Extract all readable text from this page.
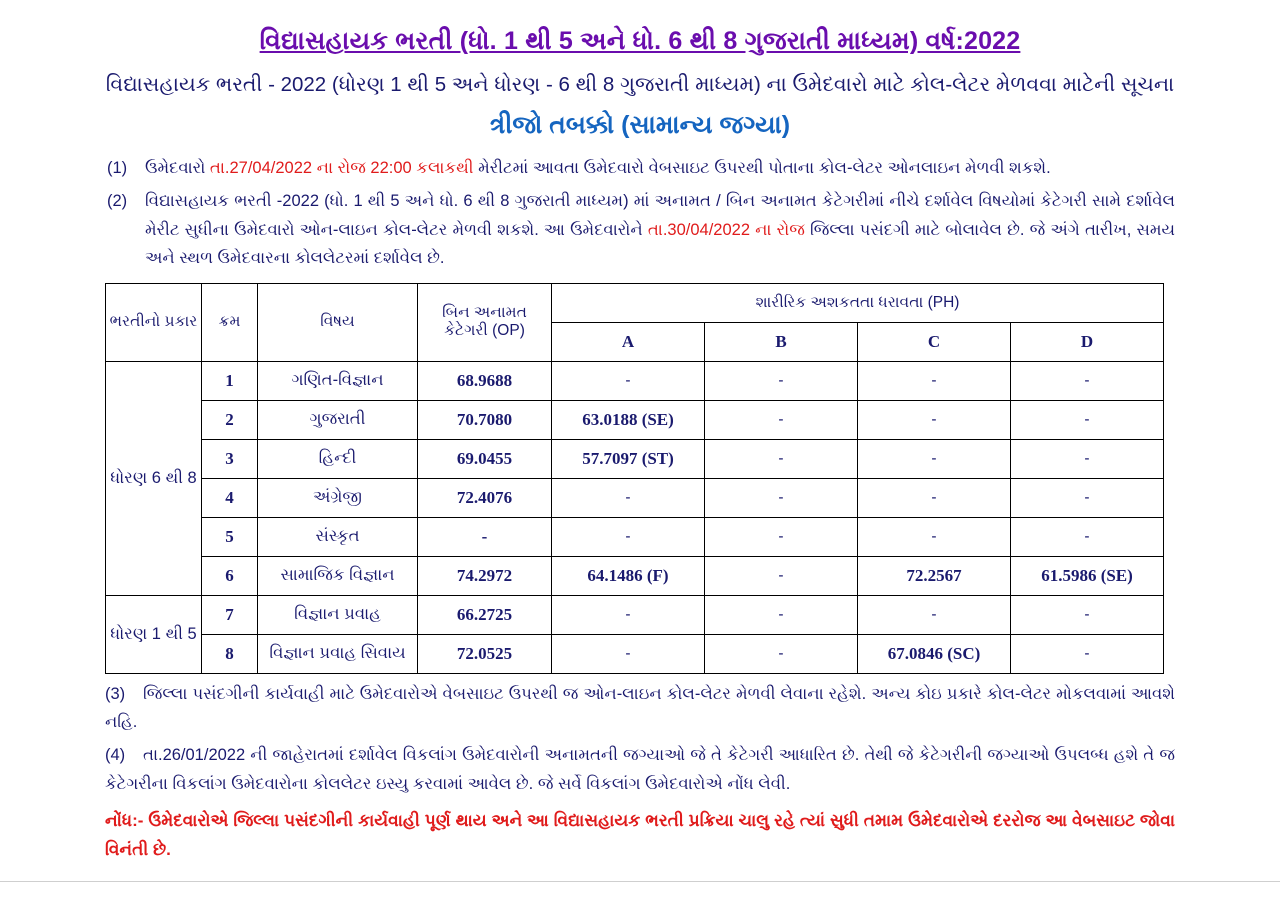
વિદ્યાસહાયક ભરતી (ધો. 1 થી 5 અને ધો. 6 થી 8 ગુજરાતી માધ્યમ) વર્ષ:2022
વિદ્યાસહાયક ભરતી - 2022 (ધોરણ 1 થી 5 અને ધોરણ - 6 થી 8 ગુજરાતી માધ્યમ) ના ઉમેદવારો માટે કોલ-લેટર મેળવવા માટેની સૂચના
ત્રીજો તબક્કો (સામાન્ય જગ્યા)
(1)	ઉમેદવારો તા.27/04/2022 ના રોજ 22:00 કલાકથી મેરીટમાં આવતા ઉમેદવારો વેબસાઇટ ઉપરથી પોતાના કોલ-લેટર ઓનલાઇન મેળવી શકશે.
(2)	વિદ્યાસહાયક ભરતી -2022 (ધો. 1 થી 5 અને ધો. 6 થી 8 ગુજરાતી માધ્યમ) માં અનામત / બિન અનામત કેટેગરીમાં નીચે દર્શાવેલ વિષયોમાં કેટેગરી સામે દર્શાવેલ મેરીટ સુધીના ઉમેદવારો ઓન-લાઇન કોલ-લેટર મેળવી શકશે. આ ઉમેદવારોને તા.30/04/2022 ના રોજ જિલ્લા પસંદગી માટે બોલાવેલ છે. જે અંગે તારીખ, સમય અને સ્થળ ઉમેદવારના કોલલેટરમાં દર્શાવેલ છે.
ભરતીનો પ્રકાર	ક્રમ	વિષય	બિન અનામત કેટેગરી (OP)	શારીરિક અશકતતા ધરાવતા (PH)			
				A	B	C	D
ધોરણ 6 થી 8	1	ગણિત-વિજ્ઞાન	68.9688	-	-	-	-
	2	ગુજરાતી	70.7080	63.0188 (SE)	-	-	-
	3	હિન્દી	69.0455	57.7097 (ST)	-	-	-
	4	અંગ્રેજી	72.4076	-	-	-	-
	5	સંસ્કૃત	-	-	-	-	-
	6	સામાજિક વિજ્ઞાન	74.2972	64.1486 (F)	-	72.2567	61.5986 (SE)
ધોરણ 1 થી 5	7	વિજ્ઞાન પ્રવાહ	66.2725	-	-	-	-
	8	વિજ્ઞાન પ્રવાહ સિવાય	72.0525	-	-	67.0846 (SC)	-
(3) જિલ્લા પસંદગીની કાર્યવાહી માટે ઉમેદવારોએ વેબસાઇટ ઉપરથી જ ઓન-લાઇન કોલ-લેટર મેળવી લેવાના રહેશે. અન્ય કોઇ પ્રકારે કોલ-લેટર મોકલવામાં આવશે નહિ.
(4) તા.26/01/2022 ની જાહેરાતમાં દર્શાવેલ વિકલાંગ ઉમેદવારોની અનામતની જગ્યાઓ જે તે કેટેગરી આધારિત છે. તેથી જે કેટેગરીની જગ્યાઓ ઉપલબ્ધ હશે તે જ કેટેગરીના વિકલાંગ ઉમેદવારોના કોલલેટર ઇસ્યુ કરવામાં આવેલ છે. જે સર્વે વિકલાંગ ઉમેદવારોએ નોંધ લેવી.
નોંધ:- ઉમેદવારોએ જિલ્લા પસંદગીની કાર્યવાહી પૂર્ણ થાય અને આ વિદ્યાસહાયક ભરતી પ્રક્રિયા ચાલુ રહે ત્યાં સુધી તમામ ઉમેદવારોએ દરરોજ આ વેબસાઇટ જોવા વિનંતી છે.
